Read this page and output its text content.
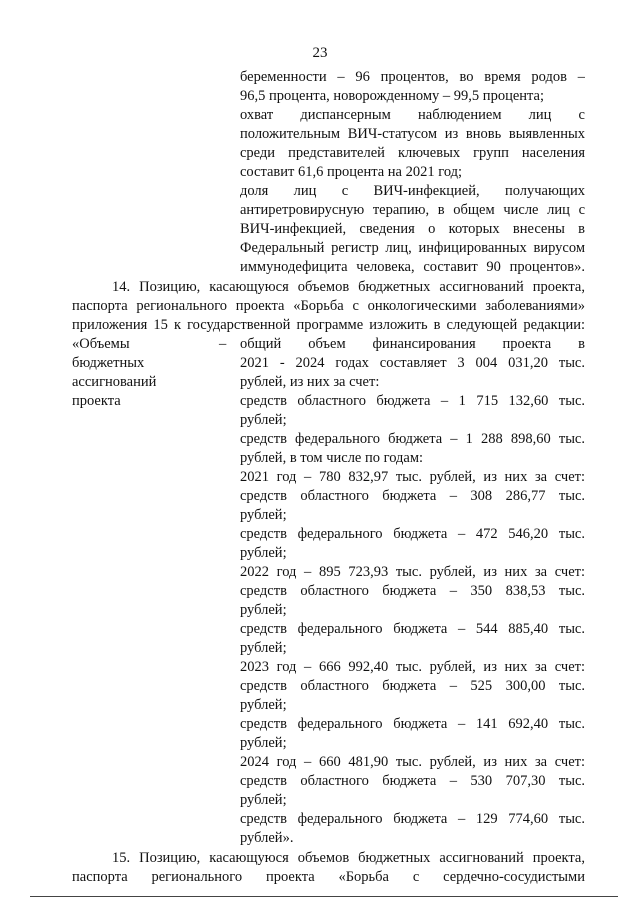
23
беременности – 96 процентов, во время родов –
96,5 процента, новорожденному – 99,5 процента;
охват диспансерным наблюдением лиц с
положительным ВИЧ-статусом из вновь выявленных
среди представителей ключевых групп населения
составит 61,6 процента на 2021 год;
доля лиц с ВИЧ-инфекцией, получающих
антиретровирусную терапию, в общем числе лиц с
ВИЧ-инфекцией, сведения о которых внесены в
Федеральный регистр лиц, инфицированных вирусом
иммунодефицита человека, составит 90 процентов».
14. Позицию, касающуюся объемов бюджетных ассигнований проекта,
паспорта регионального проекта «Борьба с онкологическими заболеваниями»
приложения 15 к государственной программе изложить в следующей редакции:
«Объемы	–
бюджетных
ассигнований
проекта
общий объем финансирования проекта в
2021 - 2024 годах составляет 3 004 031,20 тыс.
рублей, из них за счет:
средств областного бюджета – 1 715 132,60 тыс.
рублей;
средств федерального бюджета – 1 288 898,60 тыс.
рублей, в том числе по годам:
2021 год – 780 832,97 тыс. рублей, из них за счет:
средств областного бюджета – 308 286,77 тыс.
рублей;
средств федерального бюджета – 472 546,20 тыс.
рублей;
2022 год – 895 723,93 тыс. рублей, из них за счет:
средств областного бюджета – 350 838,53 тыс.
рублей;
средств федерального бюджета – 544 885,40 тыс.
рублей;
2023 год – 666 992,40 тыс. рублей, из них за счет:
средств областного бюджета – 525 300,00 тыс.
рублей;
средств федерального бюджета – 141 692,40 тыс.
рублей;
2024 год – 660 481,90 тыс. рублей, из них за счет:
средств областного бюджета – 530 707,30 тыс.
рублей;
средств федерального бюджета – 129 774,60 тыс.
рублей».
15. Позицию, касающуюся объемов бюджетных ассигнований проекта,
паспорта регионального проекта «Борьба с сердечно-сосудистыми
